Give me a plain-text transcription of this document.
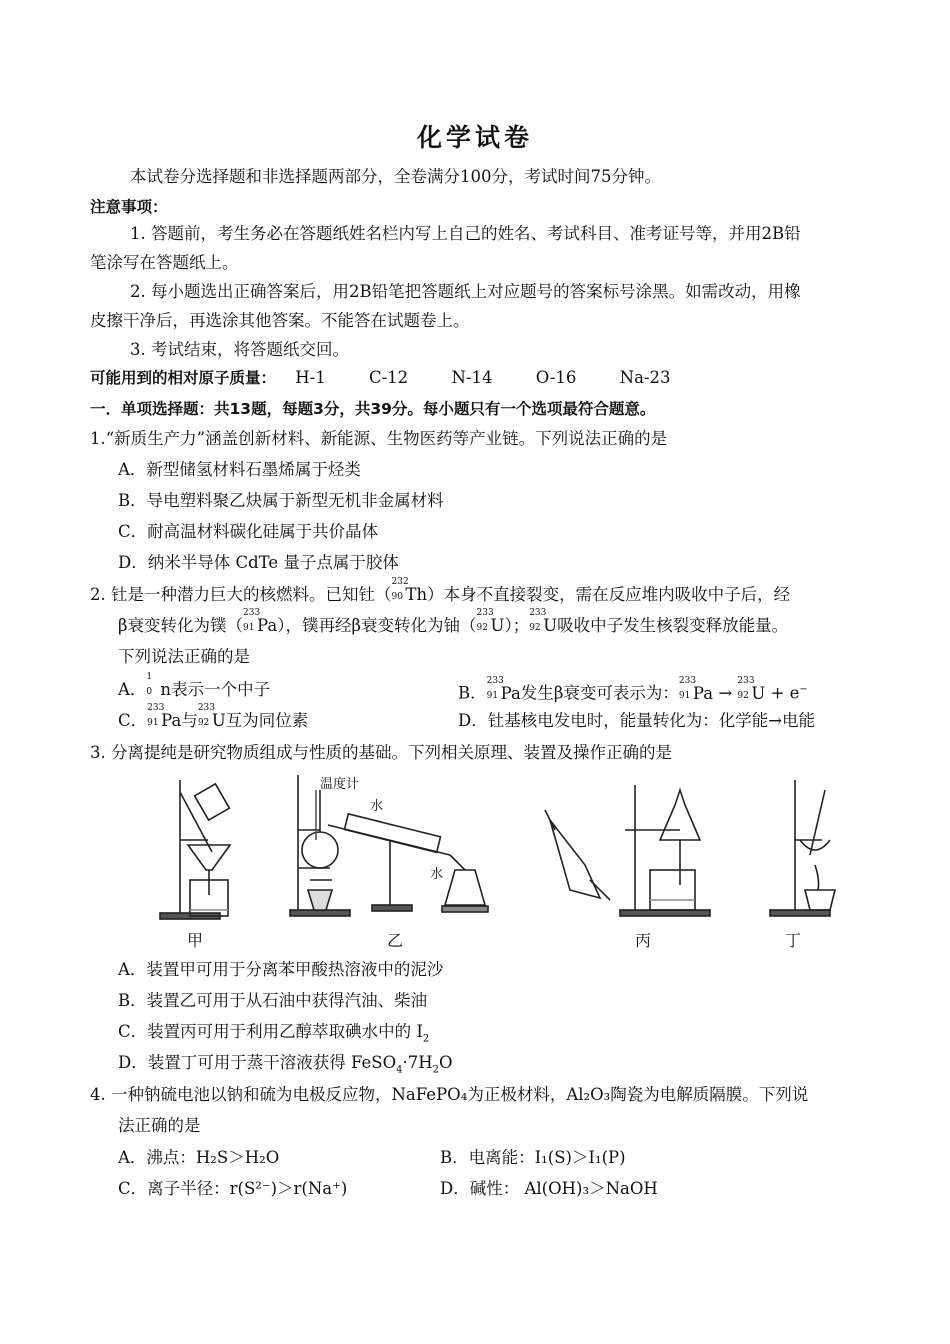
化学试卷
本试卷分选择题和非选择题两部分，全卷满分100分，考试时间75分钟。
注意事项：
1. 答题前，考生务必在答题纸姓名栏内写上自己的姓名、考试科目、准考证号等，并用2B铅
笔涂写在答题纸上。
2. 每小题选出正确答案后，用2B铅笔把答题纸上对应题号的答案标号涂黑。如需改动，用橡
皮擦干净后，再选涂其他答案。不能答在试题卷上。
3. 考试结束，将答题纸交回。
可能用到的相对原子质量： H-1	C-12	N-14	O-16	Na-23
一．单项选择题：共13题，每题3分，共39分。每小题只有一个选项最符合题意。
1.“新质生产力”涵盖创新材料、新能源、生物医药等产业链。下列说法正确的是
A．新型储氢材料石墨烯属于烃类
B．导电塑料聚乙炔属于新型无机非金属材料
C．耐高温材料碳化硅属于共价晶体
D．纳米半导体 CdTe 量子点属于胶体
2. 钍是一种潜力巨大的核燃料。已知钍（
232
90 Th）本身不直接裂变，需在反应堆内吸收中子后，经
β衰变转化为镤（
233
91 Pa），镤再经β衰变转化为铀（
233
92 U）；
233
92 U吸收中子发生核裂变释放能量。
下列说法正确的是
A．
1
0 n表示一个中子	B．
233
91 Pa发生β衰变可表示为：
233
91 Pa →
233
92 U + e−
C．
233
91 Pa与
233
92 U互为同位素	D．钍基核电发电时，能量转化为：化学能→电能
3. 分离提纯是研究物质组成与性质的基础。下列相关原理、装置及操作正确的是
温度计
水
水
甲	乙	丙	丁
A．装置甲可用于分离苯甲酸热溶液中的泥沙
B．装置乙可用于从石油中获得汽油、柴油
C．装置丙可用于利用乙醇萃取碘水中的 $I_2$
D．装置丁可用于蒸干溶液获得 $FeSO_4\cdot 7H_2O$
4. 一种钠硫电池以钠和硫为电极反应物，NaFePO₄为正极材料，Al₂O₃陶瓷为电解质隔膜。下列说
法正确的是
A．沸点：H₂S＞H₂O	B．电离能：I₁(S)＞I₁(P)
C．离子半径：r(S²⁻)＞r(Na⁺)	D．碱性： Al(OH)₃＞NaOH
